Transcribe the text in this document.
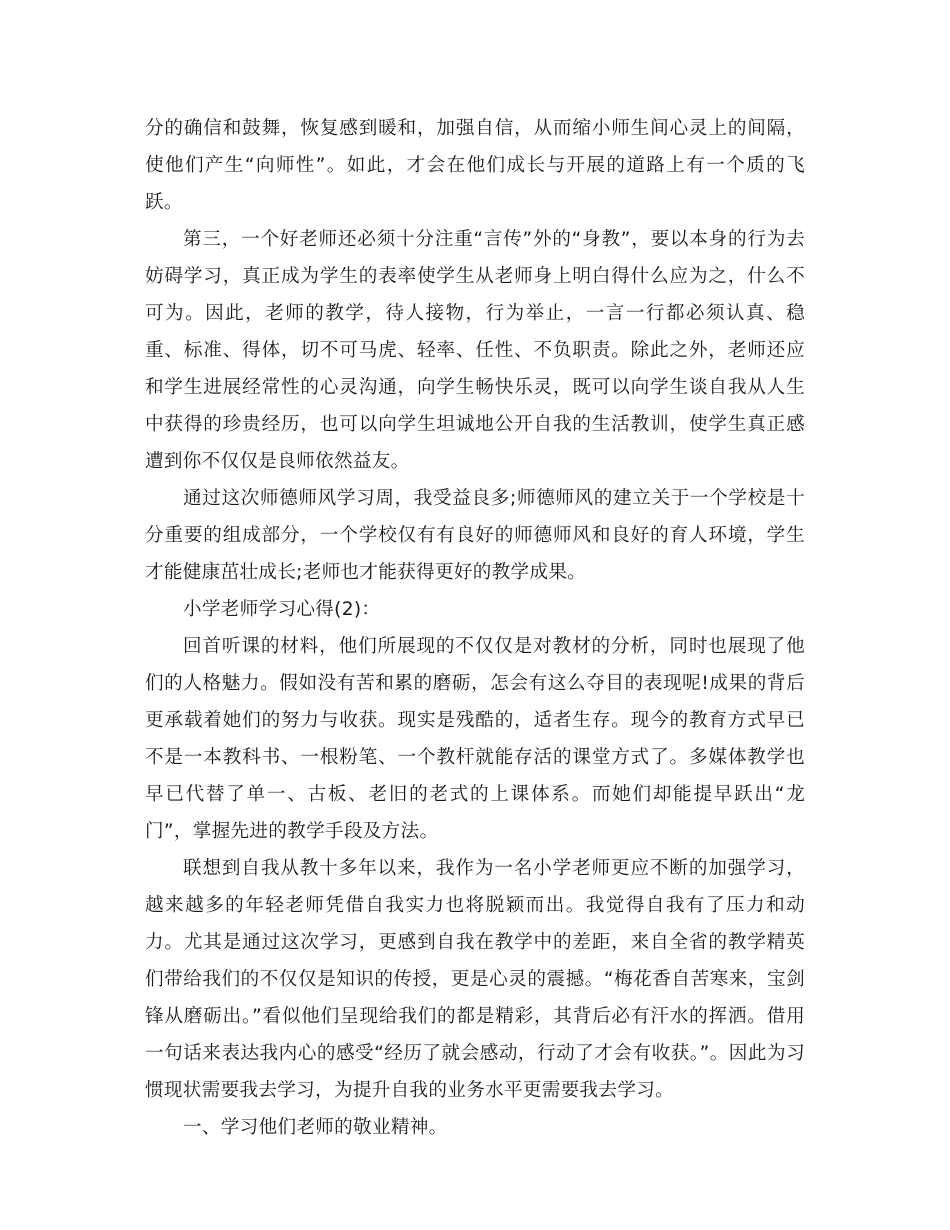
分的确信和鼓舞，恢复感到暖和，加强自信，从而缩小师生间心灵上的间隔，使他们产生“向师性”。如此，才会在他们成长与开展的道路上有一个质的飞跃。

第三，一个好老师还必须十分注重“言传”外的“身教”，要以本身的行为去妨碍学习，真正成为学生的表率使学生从老师身上明白得什么应为之，什么不可为。因此，老师的教学，待人接物，行为举止，一言一行都必须认真、稳重、标准、得体，切不可马虎、轻率、任性、不负职责。除此之外，老师还应和学生进展经常性的心灵沟通，向学生畅快乐灵，既可以向学生谈自我从人生中获得的珍贵经历，也可以向学生坦诚地公开自我的生活教训，使学生真正感遭到你不仅仅是良师依然益友。

通过这次师德师风学习周，我受益良多;师德师风的建立关于一个学校是十分重要的组成部分，一个学校仅有有良好的师德师风和良好的育人环境，学生才能健康茁壮成长;老师也才能获得更好的教学成果。

小学老师学习心得(2)：

回首听课的材料，他们所展现的不仅仅是对教材的分析，同时也展现了他们的人格魅力。假如没有苦和累的磨砺，怎会有这么夺目的表现呢!成果的背后更承载着她们的努力与收获。现实是残酷的，适者生存。现今的教育方式早已不是一本教科书、一根粉笔、一个教杆就能存活的课堂方式了。多媒体教学也早已代替了单一、古板、老旧的老式的上课体系。而她们却能提早跃出“龙门”，掌握先进的教学手段及方法。

联想到自我从教十多年以来，我作为一名小学老师更应不断的加强学习，越来越多的年轻老师凭借自我实力也将脱颖而出。我觉得自我有了压力和动力。尤其是通过这次学习，更感到自我在教学中的差距，来自全省的教学精英们带给我们的不仅仅是知识的传授，更是心灵的震撼。“梅花香自苦寒来，宝剑锋从磨砺出。”看似他们呈现给我们的都是精彩，其背后必有汗水的挥洒。借用一句话来表达我内心的感受“经历了就会感动，行动了才会有收获。”。因此为习惯现状需要我去学习，为提升自我的业务水平更需要我去学习。

一、学习他们老师的敬业精神。
